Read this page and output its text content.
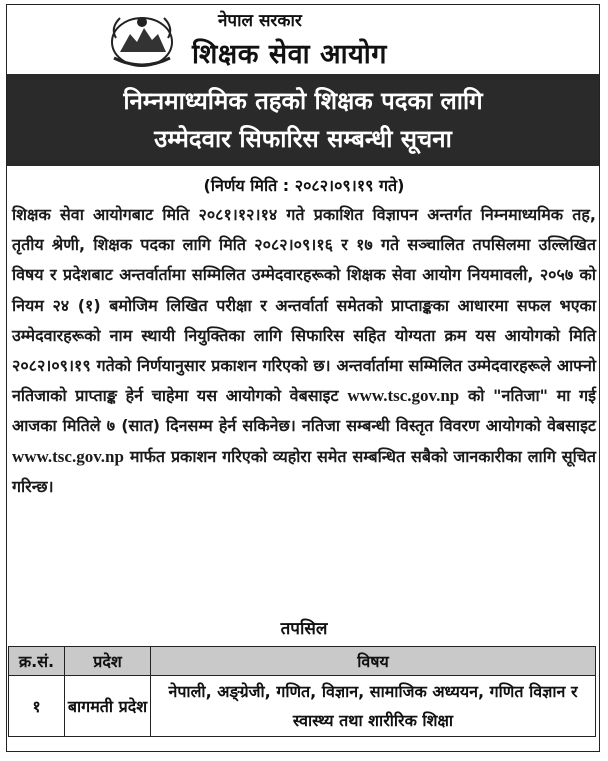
नेपाल सरकार
शिक्षक सेवा आयोग
निम्नमाध्यमिक तहको शिक्षक पदका लागि
उम्मेदवार सिफारिस सम्बन्धी सूचना
(निर्णय मिति : २०८२।०९।१९ गते)
शिक्षक सेवा आयोगबाट मिति २०८१।१२।१४ गते प्रकाशित विज्ञापन अन्तर्गत निम्नमाध्यमिक तह, तृतीय श्रेणी, शिक्षक पदका लागि मिति २०८२।०९।१६ र १७ गते सञ्चालित तपसिलमा उल्लिखित विषय र प्रदेशबाट अन्तर्वार्तामा सम्मिलित उम्मेदवारहरूको शिक्षक सेवा आयोग नियमावली, २०५७ को नियम २४ (१) बमोजिम लिखित परीक्षा र अन्तर्वार्ता समेतको प्राप्ताङ्कका आधारमा सफल भएका उम्मेदवारहरूको नाम स्थायी नियुक्तिका लागि सिफारिस सहित योग्यता क्रम यस आयोगको मिति २०८२।०९।१९ गतेको निर्णयानुसार प्रकाशन गरिएको छ। अन्तर्वार्तामा सम्मिलित उम्मेदवारहरूले आफ्नो नतिजाको प्राप्ताङ्क हेर्न चाहेमा यस आयोगको वेबसाइट www.tsc.gov.np को "नतिजा" मा गई आजका मितिले ७ (सात) दिनसम्म हेर्न सकिनेछ। नतिजा सम्बन्धी विस्तृत विवरण आयोगको वेबसाइट www.tsc.gov.np मार्फत प्रकाशन गरिएको व्यहोरा समेत सम्बन्धित सबैको जानकारीका लागि सूचित गरिन्छ।
तपसिल
क्र.सं.	प्रदेश	विषय
१	बागमती प्रदेश	नेपाली, अङ्ग्रेजी, गणित, विज्ञान, सामाजिक अध्ययन, गणित विज्ञान र स्वास्थ्य तथा शारीरिक शिक्षा
